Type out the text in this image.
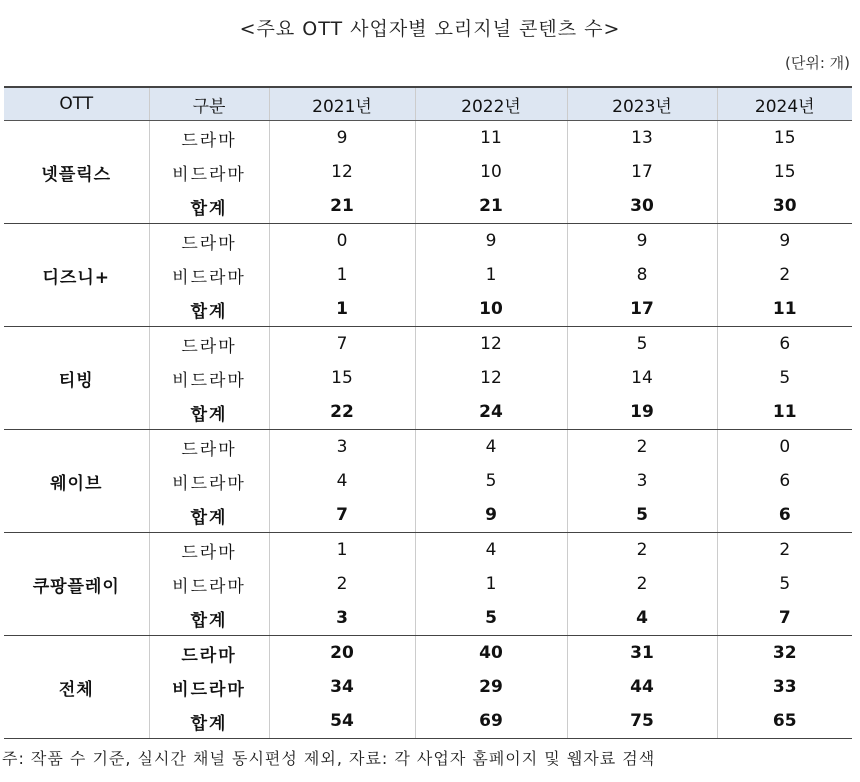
<주요 OTT 사업자별 오리지널 콘텐츠 수>
(단위: 개)
OTT	구분	2021년	2022년	2023년	2024년
넷플릭스	드라마	9	11	13	15
	비드라마	12	10	17	15
	합계	21	21	30	30
디즈니+	드라마	0	9	9	9
	비드라마	1	1	8	2
	합계	1	10	17	11
티빙	드라마	7	12	5	6
	비드라마	15	12	14	5
	합계	22	24	19	11
웨이브	드라마	3	4	2	0
	비드라마	4	5	3	6
	합계	7	9	5	6
쿠팡플레이	드라마	1	4	2	2
	비드라마	2	1	2	5
	합계	3	5	4	7
전체	드라마	20	40	31	32
	비드라마	34	29	44	33
	합계	54	69	75	65
주: 작품 수 기준, 실시간 채널 동시편성 제외, 자료: 각 사업자 홈페이지 및 웹자료 검색
